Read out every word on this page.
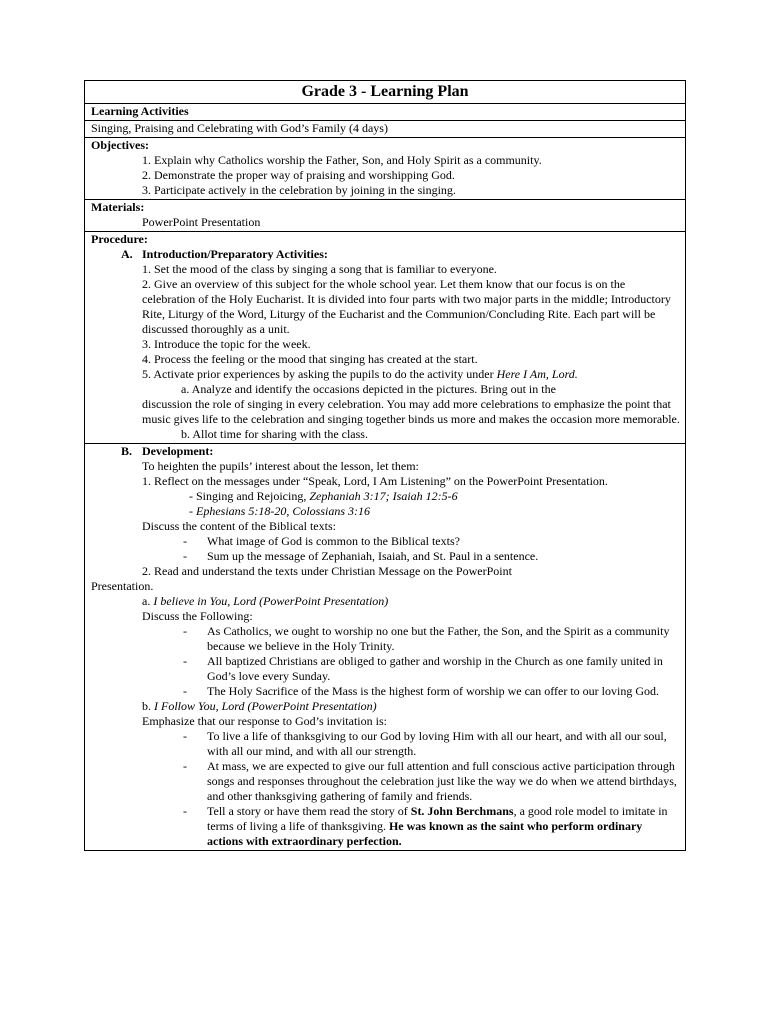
Grade 3 - Learning Plan
Learning Activities
Singing, Praising and Celebrating with God’s Family (4 days)

Objectives:

1. Explain why Catholics worship the Father, Son, and Holy Spirit as a community.

2. Demonstrate the proper way of praising and worshipping God.

3. Participate actively in the celebration by joining in the singing.

Materials:

PowerPoint Presentation

Procedure:

A. Introduction/Preparatory Activities:

1. Set the mood of the class by singing a song that is familiar to everyone.

2. Give an overview of this subject for the whole school year. Let them know that our focus is on the celebration of the Holy Eucharist. It is divided into four parts with two major parts in the middle; Introductory Rite, Liturgy of the Word, Liturgy of the Eucharist and the Communion/Concluding Rite. Each part will be discussed thoroughly as a unit.

3. Introduce the topic for the week.

4. Process the feeling or the mood that singing has created at the start.

5. Activate prior experiences by asking the pupils to do the activity under Here I Am, Lord.

a. Analyze and identify the occasions depicted in the pictures. Bring out in the

discussion the role of singing in every celebration. You may add more celebrations to emphasize the point that music gives life to the celebration and singing together binds us more and makes the occasion more memorable.

b. Allot time for sharing with the class.

B. Development:

To heighten the pupils’ interest about the lesson, let them:

1. Reflect on the messages under “Speak, Lord, I Am Listening” on the PowerPoint Presentation.

- Singing and Rejoicing, Zephaniah 3:17; Isaiah 12:5-6

- Ephesians 5:18-20, Colossians 3:16

Discuss the content of the Biblical texts:

-	What image of God is common to the Biblical texts?
-	Sum up the message of Zephaniah, Isaiah, and St. Paul in a sentence.

2. Read and understand the texts under Christian Message on the PowerPoint

Presentation.

a. I believe in You, Lord (PowerPoint Presentation)

Discuss the Following:

-	As Catholics, we ought to worship no one but the Father, the Son, and the Spirit as a community because we believe in the Holy Trinity.
-	All baptized Christians are obliged to gather and worship in the Church as one family united in God’s love every Sunday.
-	The Holy Sacrifice of the Mass is the highest form of worship we can offer to our loving God.

b. I Follow You, Lord (PowerPoint Presentation)

Emphasize that our response to God’s invitation is:

-	To live a life of thanksgiving to our God by loving Him with all our heart, and with all our soul, with all our mind, and with all our strength.
-	At mass, we are expected to give our full attention and full conscious active participation through songs and responses throughout the celebration just like the way we do when we attend birthdays, and other thanksgiving gathering of family and friends.
-	Tell a story or have them read the story of St. John Berchmans, a good role model to imitate in terms of living a life of thanksgiving. He was known as the saint who perform ordinary actions with extraordinary perfection.
